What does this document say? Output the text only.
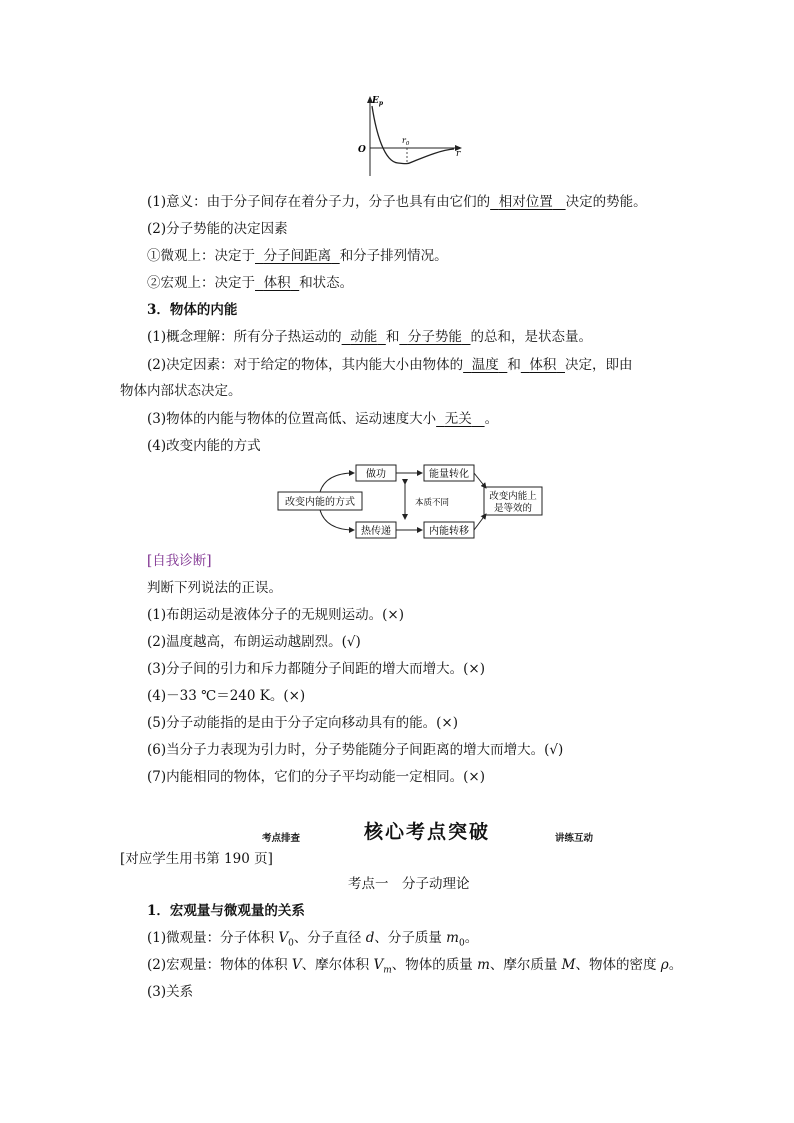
$E_p$
O	r
$r_0$
(1)意义：由于分子间存在着分子力，分子也具有由它们的 相对位置 决定的势能。
(2)分子势能的决定因素
①微观上：决定于 分子间距离 和分子排列情况。
②宏观上：决定于 体积 和状态。
3．物体的内能
(1)概念理解：所有分子热运动的 动能 和 分子势能 的总和，是状态量。
(2)决定因素：对于给定的物体，其内能大小由物体的 温度 和 体积 决定，即由
物体内部状态决定。
(3)物体的内能与物体的位置高低、运动速度大小 无关 。
(4)改变内能的方式
改变内能的方式
做功	能量转化
热传递	内能转移
改变内能上
是等效的
本质不同
[自我诊断]
判断下列说法的正误。
(1)布朗运动是液体分子的无规则运动。(×)
(2)温度越高，布朗运动越剧烈。(√)
(3)分子间的引力和斥力都随分子间距的增大而增大。(×)
(4)－33 ℃＝240 K。(×)
(5)分子动能指的是由于分子定向移动具有的能。(×)
(6)当分子力表现为引力时，分子势能随分子间距离的增大而增大。(√)
(7)内能相同的物体，它们的分子平均动能一定相同。(×)
考点排查	核心考点突破	讲练互动
[对应学生用书第 190 页]
考点一　分子动理论
1．宏观量与微观量的关系
(1)微观量：分子体积 $V_0$、分子直径 d、分子质量 $m_0$。
(2)宏观量：物体的体积 V、摩尔体积 $V_m$、物体的质量 m、摩尔质量 M、物体的密度 ρ。
(3)关系
